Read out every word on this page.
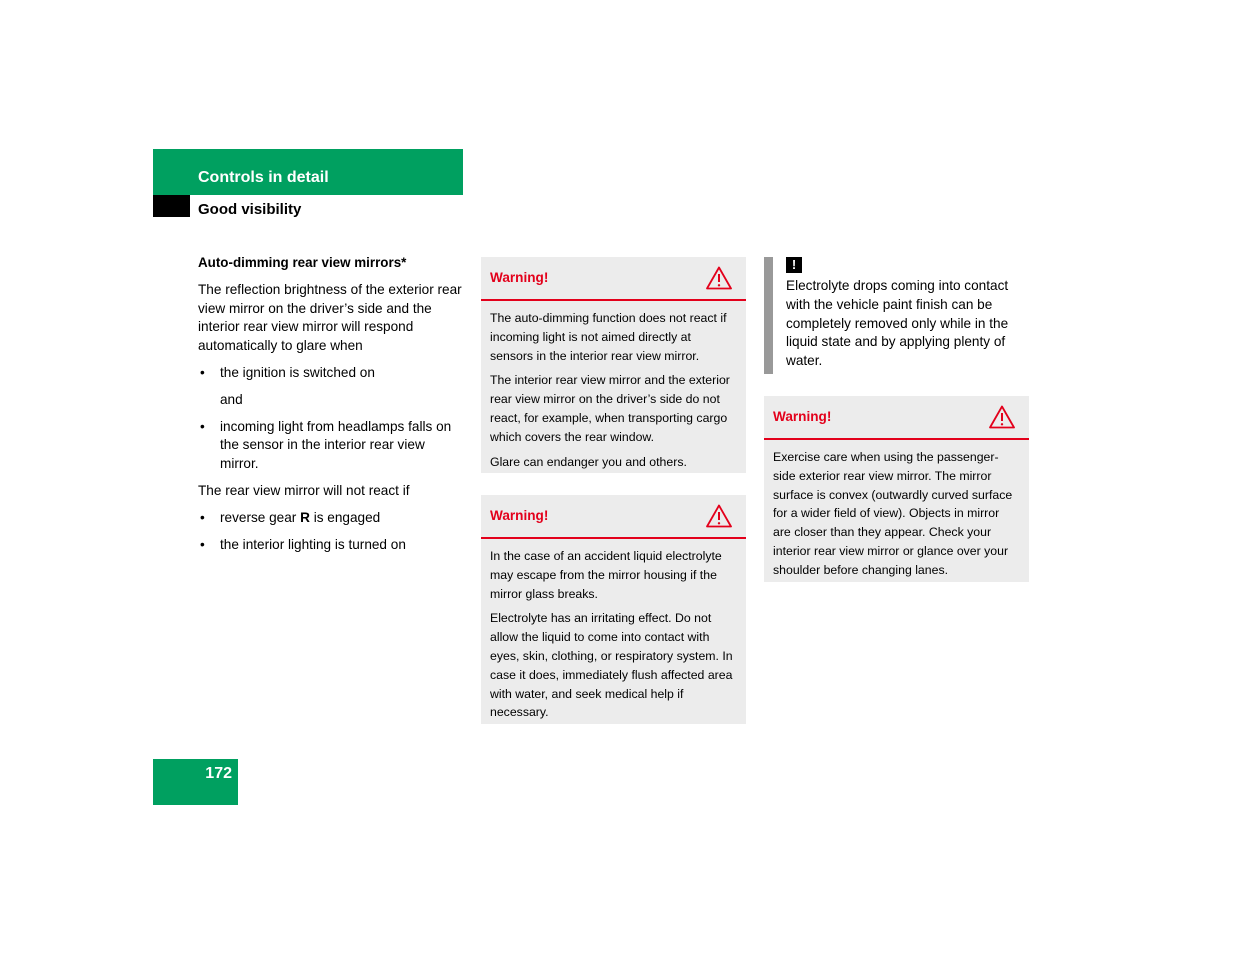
Controls in detail
Good visibility
Auto-dimming rear view mirrors*

The reflection brightness of the exterior rear view mirror on the driver’s side and the interior rear view mirror will respond automatically to glare when

• the ignition is switched on
and
• incoming light from headlamps falls on the sensor in the interior rear view mirror.

The rear view mirror will not react if

• reverse gear R is engaged
• the interior lighting is turned on
Warning!

The auto-dimming function does not react if incoming light is not aimed directly at sensors in the interior rear view mirror.

The interior rear view mirror and the exterior rear view mirror on the driver’s side do not react, for example, when transporting cargo which covers the rear window.

Glare can endanger you and others.

Warning!

In the case of an accident liquid electrolyte may escape from the mirror housing if the mirror glass breaks.

Electrolyte has an irritating effect. Do not allow the liquid to come into contact with eyes, skin, clothing, or respiratory system. In case it does, immediately flush affected area with water, and seek medical help if necessary.

!
Electrolyte drops coming into contact with the vehicle paint finish can be completely removed only while in the liquid state and by applying plenty of water.
Warning!

Exercise care when using the passenger-side exterior rear view mirror. The mirror surface is convex (outwardly curved surface for a wider field of view). Objects in mirror are closer than they appear. Check your interior rear view mirror or glance over your shoulder before changing lanes.

172
